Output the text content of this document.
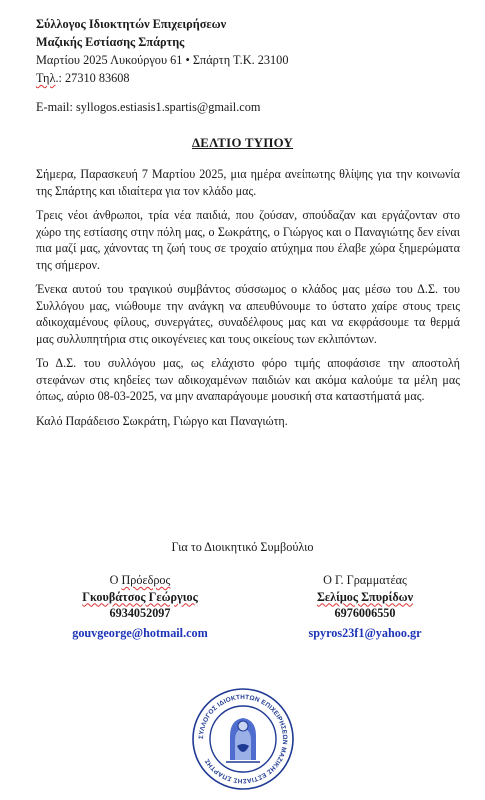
Σύλλογος Ιδιοκτητών Επιχειρήσεων
Μαζικής Εστίασης Σπάρτης
Μαρτίου 2025 Λυκούργου 61 • Σπάρτη Τ.Κ. 23100
Τηλ.: 27310 83608
E-mail: syllogos.estiasis1.spartis@gmail.com
ΔΕΛΤΙΟ ΤΥΠΟΥ

Σήμερα, Παρασκευή 7 Μαρτίου 2025, μια ημέρα ανείπωτης θλίψης για την κοινωνία της Σπάρτης και ιδιαίτερα για τον κλάδο μας.

Τρεις νέοι άνθρωποι, τρία νέα παιδιά, που ζούσαν, σπούδαζαν και εργάζονταν στο χώρο της εστίασης στην πόλη μας, ο Σωκράτης, ο Γιώργος και ο Παναγιώτης δεν είναι πια μαζί μας, χάνοντας τη ζωή τους σε τροχαίο ατύχημα που έλαβε χώρα ξημερώματα της σήμερον.

Ένεκα αυτού του τραγικού συμβάντος σύσσωμος ο κλάδος μας μέσω του Δ.Σ. του Συλλόγου μας, νιώθουμε την ανάγκη να απευθύνουμε το ύστατο χαίρε στους τρεις αδικοχαμένους φίλους, συνεργάτες, συναδέλφους μας και να εκφράσουμε τα θερμά μας συλλυπητήρια στις οικογένειες και τους οικείους των εκλιπόντων.

Το Δ.Σ. του συλλόγου μας, ως ελάχιστο φόρο τιμής αποφάσισε την αποστολή στεφάνων στις κηδείες των αδικοχαμένων παιδιών και ακόμα καλούμε τα μέλη μας όπως, αύριο 08-03-2025, να μην αναπαράγουμε μουσική στα καταστήματά μας.

Καλό Παράδεισο Σωκράτη, Γιώργο και Παναγιώτη.

Για το Διοικητικό Συμβούλιο
Ο Πρόεδρος
Γκουβάτσος Γεώργιος
6934052097
gouvgeorge@hotmail.com
Ο Γ. Γραμματέας
Σελίμος Σπυρίδων
6976006550
spyros23f1@yahoo.gr
ΣΥΛΛΟΓΟΣ ΙΔΙΟΚΤΗΤΩΝ ΕΠΙΧΕΙΡΗΣΕΩΝ ΜΑΖΙΚΗΣ ΕΣΤΙΑΣΗΣ ΣΠΑΡΤΗΣ
